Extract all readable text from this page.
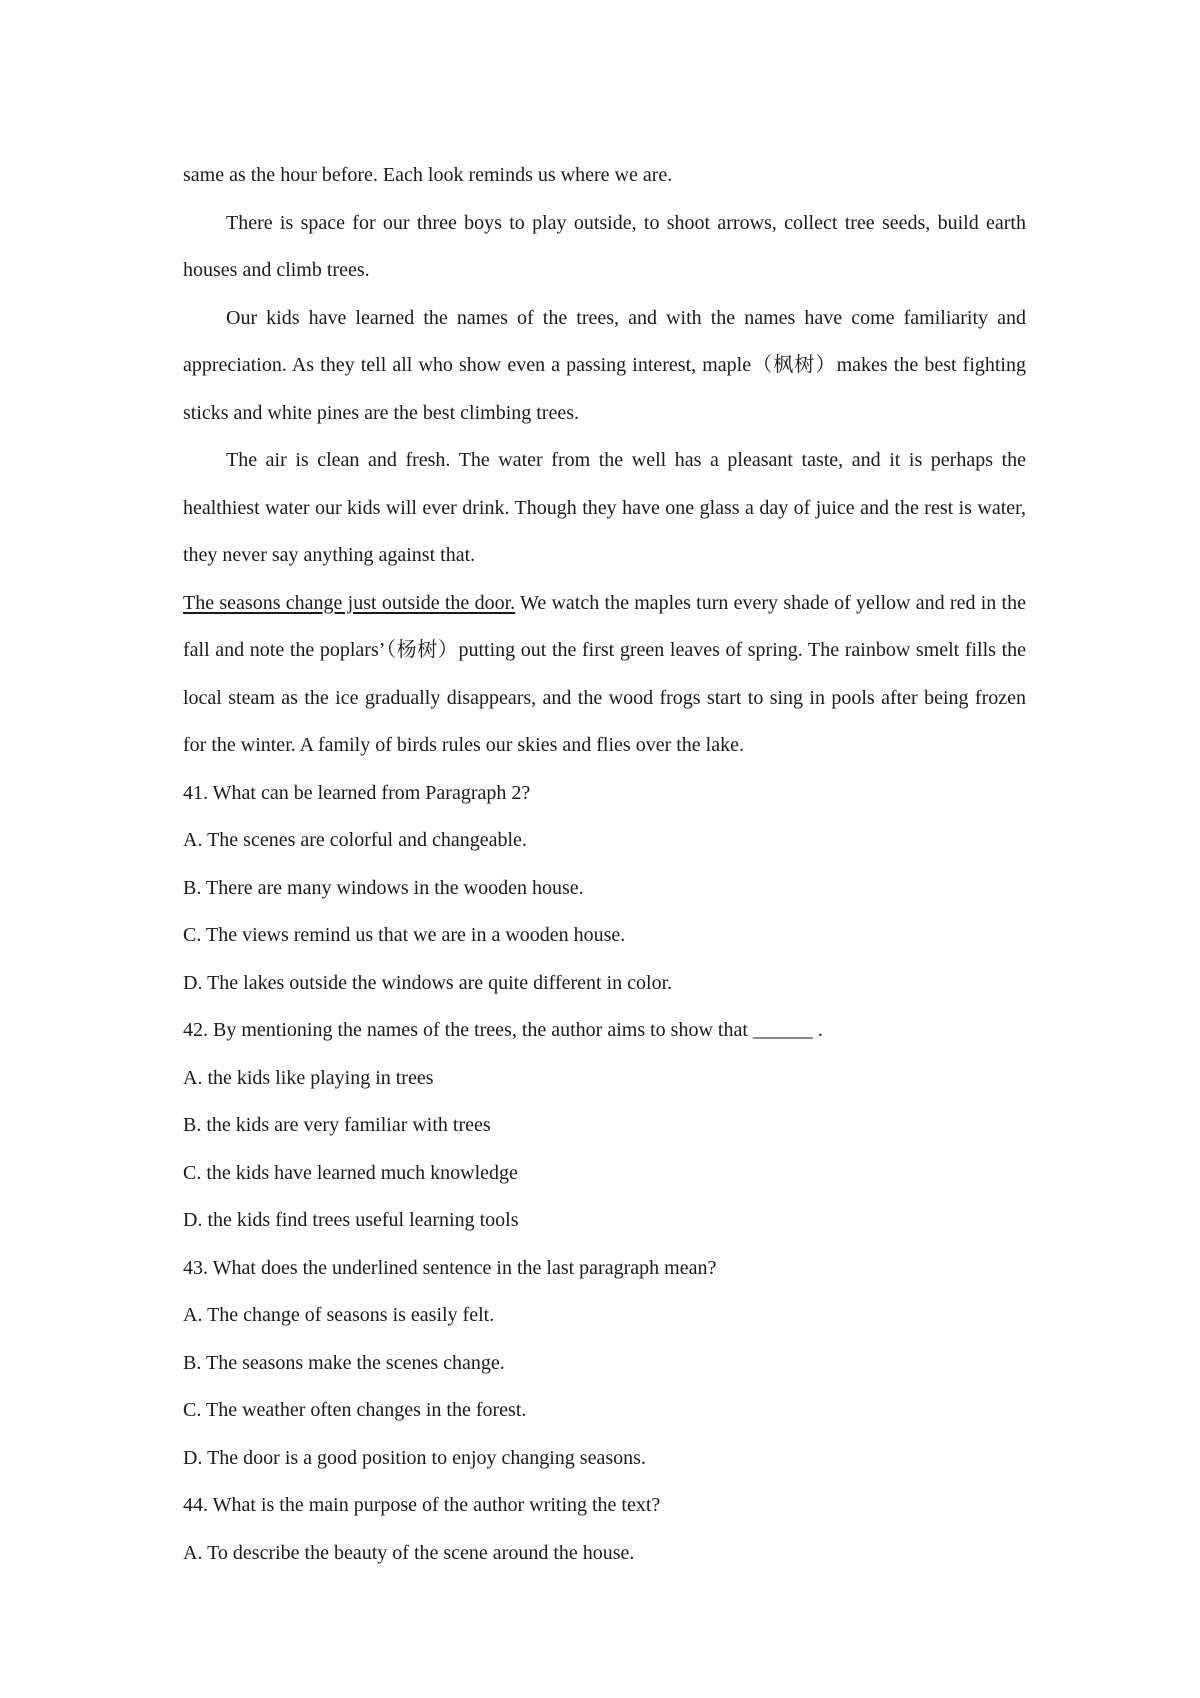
same as the hour before. Each look reminds us where we are.

There is space for our three boys to play outside, to shoot arrows, collect tree seeds, build earth houses and climb trees.

Our kids have learned the names of the trees, and with the names have come familiarity and appreciation. As they tell all who show even a passing interest, maple（枫树）makes the best fighting sticks and white pines are the best climbing trees.

The air is clean and fresh. The water from the well has a pleasant taste, and it is perhaps the healthiest water our kids will ever drink. Though they have one glass a day of juice and the rest is water, they never say anything against that.

The seasons change just outside the door. We watch the maples turn every shade of yellow and red in the fall and note the poplars’（杨树）putting out the first green leaves of spring. The rainbow smelt fills the local steam as the ice gradually disappears, and the wood frogs start to sing in pools after being frozen for the winter. A family of birds rules our skies and flies over the lake.

41. What can be learned from Paragraph 2?

A. The scenes are colorful and changeable.

B. There are many windows in the wooden house.

C. The views remind us that we are in a wooden house.

D. The lakes outside the windows are quite different in color.

42. By mentioning the names of the trees, the author aims to show that ______ .

A. the kids like playing in trees

B. the kids are very familiar with trees

C. the kids have learned much knowledge

D. the kids find trees useful learning tools

43. What does the underlined sentence in the last paragraph mean?

A. The change of seasons is easily felt.

B. The seasons make the scenes change.

C. The weather often changes in the forest.

D. The door is a good position to enjoy changing seasons.

44. What is the main purpose of the author writing the text?

A. To describe the beauty of the scene around the house.
